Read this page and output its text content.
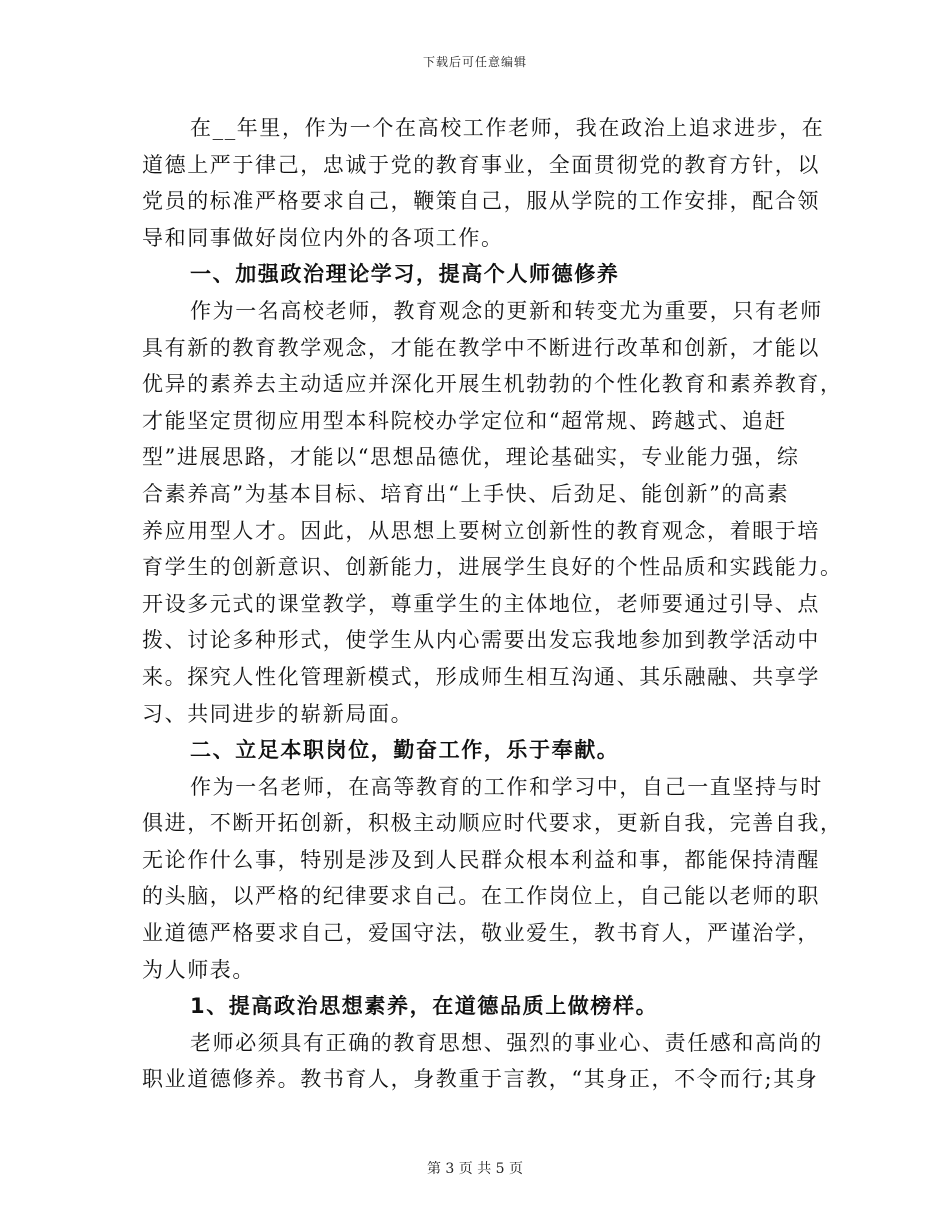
下载后可任意编辑
在__年里，作为一个在高校工作老师，我在政治上追求进步，在
道德上严于律己，忠诚于党的教育事业，全面贯彻党的教育方针，以
党员的标准严格要求自己，鞭策自己，服从学院的工作安排，配合领
导和同事做好岗位内外的各项工作。
一、加强政治理论学习，提高个人师德修养
作为一名高校老师，教育观念的更新和转变尤为重要，只有老师
具有新的教育教学观念，才能在教学中不断进行改革和创新，才能以
优异的素养去主动适应并深化开展生机勃勃的个性化教育和素养教育，
才能坚定贯彻应用型本科院校办学定位和“超常规、跨越式、追赶
型”进展思路，才能以“思想品德优，理论基础实，专业能力强，综
合素养高”为基本目标、培育出“上手快、后劲足、能创新”的高素
养应用型人才。因此，从思想上要树立创新性的教育观念，着眼于培
育学生的创新意识、创新能力，进展学生良好的个性品质和实践能力。
开设多元式的课堂教学，尊重学生的主体地位，老师要通过引导、点
拨、讨论多种形式，使学生从内心需要出发忘我地参加到教学活动中
来。探究人性化管理新模式，形成师生相互沟通、其乐融融、共享学
习、共同进步的崭新局面。
二、立足本职岗位，勤奋工作，乐于奉献。
作为一名老师，在高等教育的工作和学习中，自己一直坚持与时
俱进，不断开拓创新，积极主动顺应时代要求，更新自我，完善自我，
无论作什么事，特别是涉及到人民群众根本利益和事，都能保持清醒
的头脑，以严格的纪律要求自己。在工作岗位上，自己能以老师的职
业道德严格要求自己，爱国守法，敬业爱生，教书育人，严谨治学，
为人师表。
1、提高政治思想素养，在道德品质上做榜样。
老师必须具有正确的教育思想、强烈的事业心、责任感和高尚的
职业道德修养。教书育人，身教重于言教，“其身正，不令而行;其身
第 3 页 共 5 页
